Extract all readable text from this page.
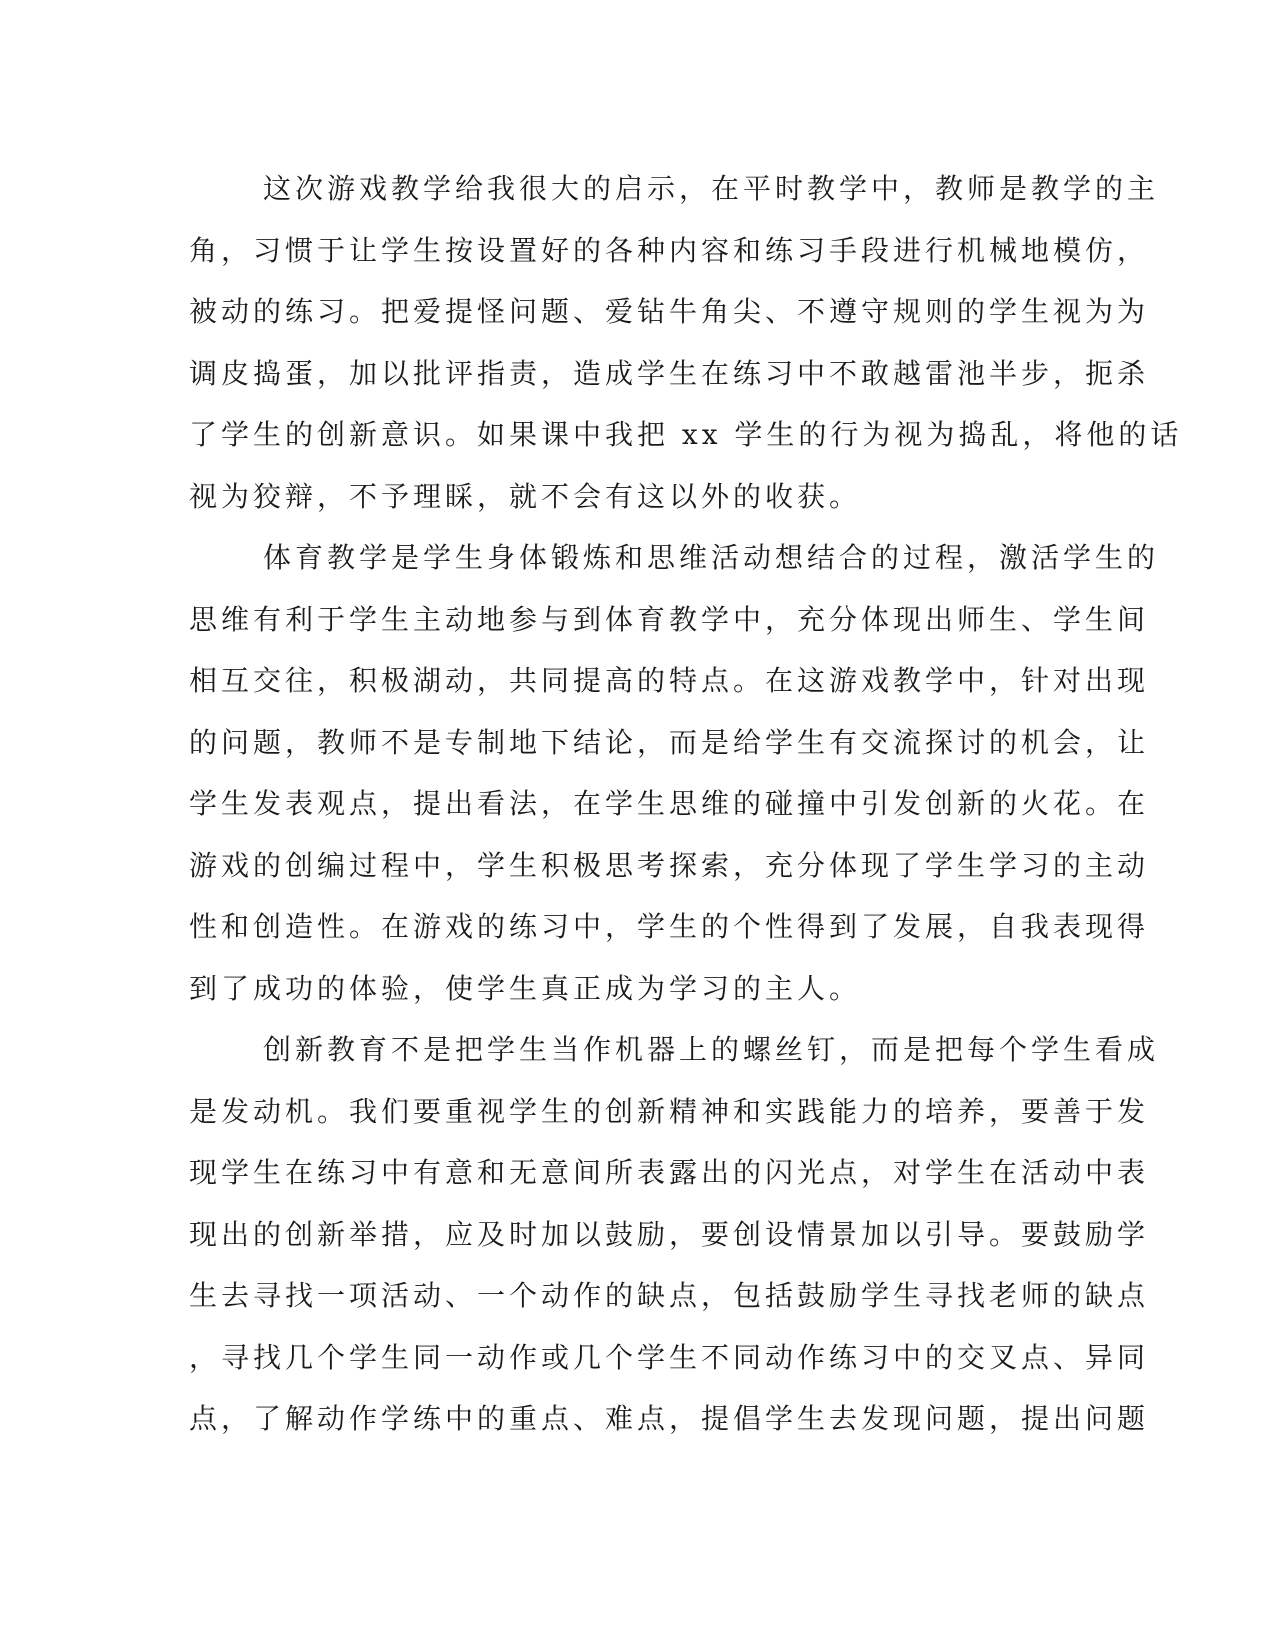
这次游戏教学给我很大的启示，在平时教学中，教师是教学的主
角，习惯于让学生按设置好的各种内容和练习手段进行机械地模仿，
被动的练习。把爱提怪问题、爱钻牛角尖、不遵守规则的学生视为为
调皮捣蛋，加以批评指责，造成学生在练习中不敢越雷池半步，扼杀
了学生的创新意识。如果课中我把 xx 学生的行为视为捣乱，将他的话
视为狡辩，不予理睬，就不会有这以外的收获。
体育教学是学生身体锻炼和思维活动想结合的过程，激活学生的
思维有利于学生主动地参与到体育教学中，充分体现出师生、学生间
相互交往，积极湖动，共同提高的特点。在这游戏教学中，针对出现
的问题，教师不是专制地下结论，而是给学生有交流探讨的机会，让
学生发表观点，提出看法，在学生思维的碰撞中引发创新的火花。在
游戏的创编过程中，学生积极思考探索，充分体现了学生学习的主动
性和创造性。在游戏的练习中，学生的个性得到了发展，自我表现得
到了成功的体验，使学生真正成为学习的主人。
创新教育不是把学生当作机器上的螺丝钉，而是把每个学生看成
是发动机。我们要重视学生的创新精神和实践能力的培养，要善于发
现学生在练习中有意和无意间所表露出的闪光点，对学生在活动中表
现出的创新举措，应及时加以鼓励，要创设情景加以引导。要鼓励学
生去寻找一项活动、一个动作的缺点，包括鼓励学生寻找老师的缺点
，寻找几个学生同一动作或几个学生不同动作练习中的交叉点、异同
点，了解动作学练中的重点、难点，提倡学生去发现问题，提出问题
